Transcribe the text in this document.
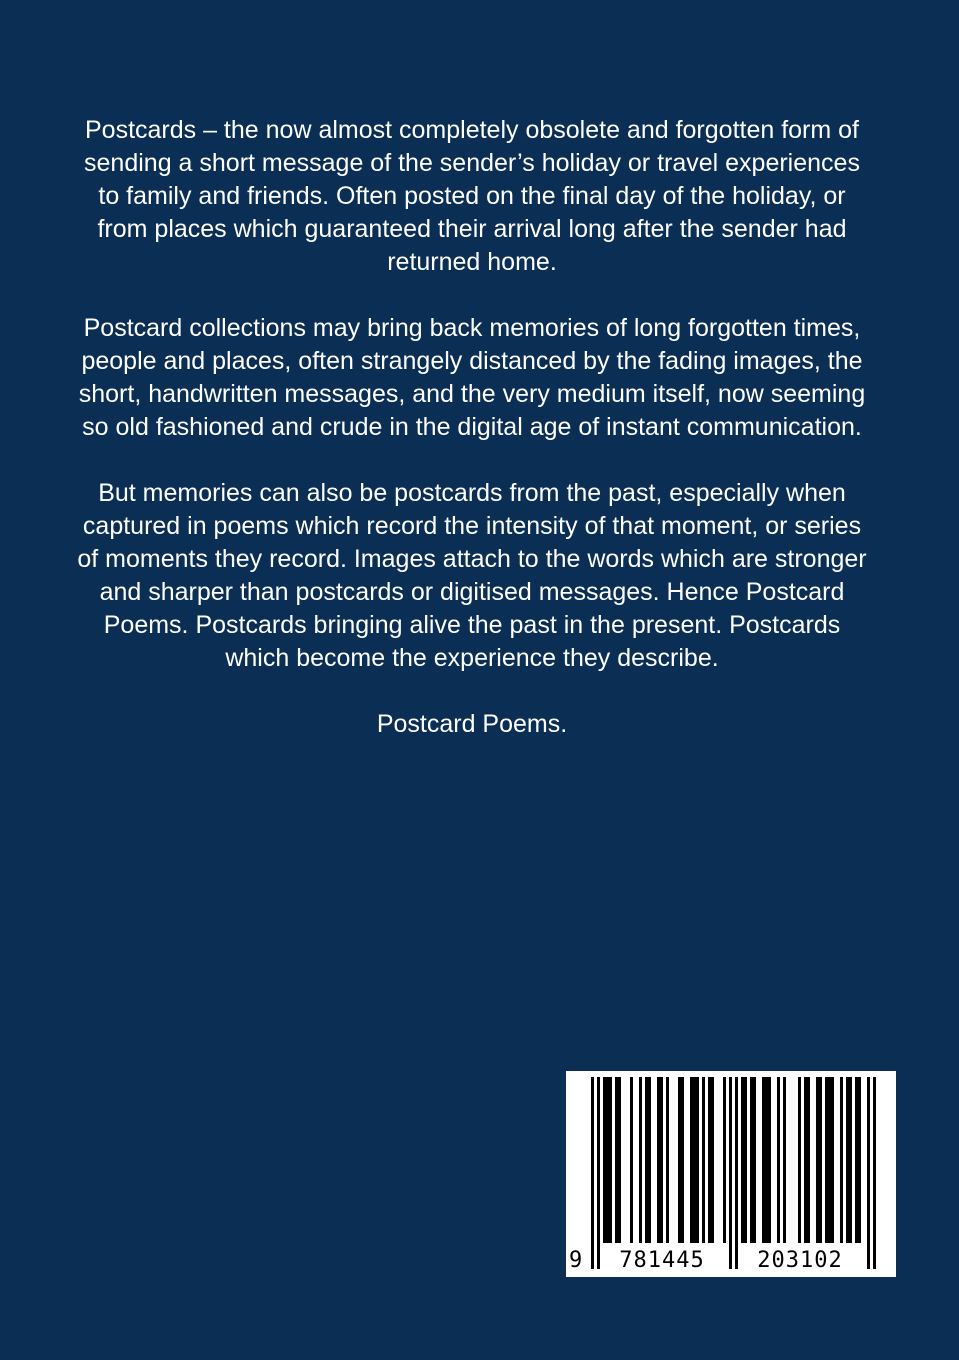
Postcards – the now almost completely obsolete and forgotten form of sending a short message of the sender’s holiday or travel experiences to family and friends. Often posted on the final day of the holiday, or from places which guaranteed their arrival long after the sender had returned home.

Postcard collections may bring back memories of long forgotten times, people and places, often strangely distanced by the fading images, the short, handwritten messages, and the very medium itself, now seeming so old fashioned and crude in the digital age of instant communication.

But memories can also be postcards from the past, especially when captured in poems which record the intensity of that moment, or series of moments they record. Images attach to the words which are stronger and sharper than postcards or digitised messages. Hence Postcard Poems. Postcards bringing alive the past in the present. Postcards which become the experience they describe.

Postcard Poems.

9 781445 203102
